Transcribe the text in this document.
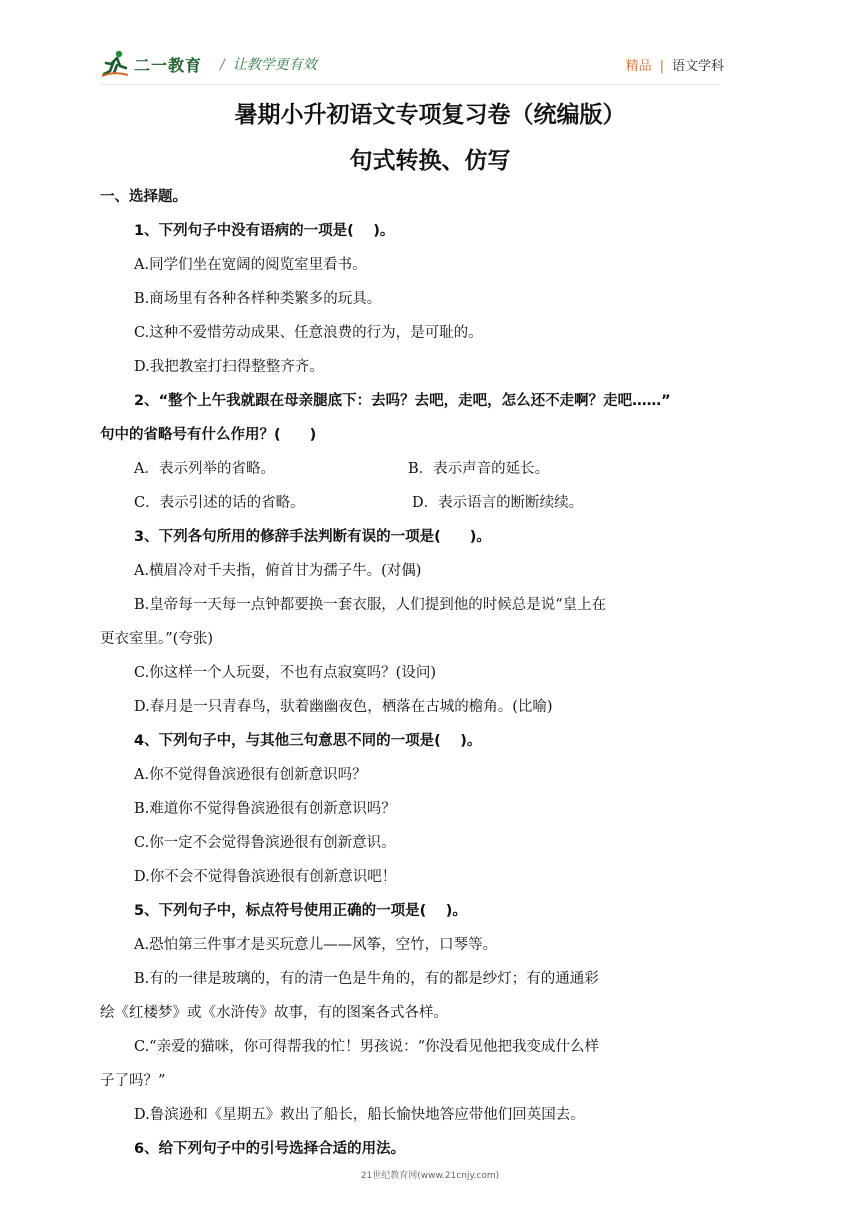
二一教育 / 让教学更有效	精品 | 语文学科
暑期小升初语文专项复习卷（统编版）
句式转换、仿写
一、选择题。
1、下列句子中没有语病的一项是(　 )。
A.同学们坐在宽阔的阅览室里看书。
B.商场里有各种各样种类繁多的玩具。
C.这种不爱惜劳动成果、任意浪费的行为，是可耻的。
D.我把教室打扫得整整齐齐。
2、“整个上午我就跟在母亲腿底下：去吗？去吧，走吧，怎么还不走啊？走吧……”
句中的省略号有什么作用？(　　)
A．表示列举的省略。	B．表示声音的延长。
C．表示引述的话的省略。	D．表示语言的断断续续。
3、下列各句所用的修辞手法判断有误的一项是(　　)。
A.横眉冷对千夫指，俯首甘为孺子牛。(对偶)
B.皇帝每一天每一点钟都要换一套衣服，人们提到他的时候总是说“皇上在
更衣室里。”(夸张)
C.你这样一个人玩耍，不也有点寂寞吗？(设问)
D.春月是一只青春鸟，驮着幽幽夜色，栖落在古城的檐角。(比喻)
4、下列句子中，与其他三句意思不同的一项是(　 )。
A.你不觉得鲁滨逊很有创新意识吗？
B.难道你不觉得鲁滨逊很有创新意识吗？
C.你一定不会觉得鲁滨逊很有创新意识。
D.你不会不觉得鲁滨逊很有创新意识吧！
5、下列句子中，标点符号使用正确的一项是(　 )。
A.恐怕第三件事才是买玩意儿——风筝，空竹，口琴等。
B.有的一律是玻璃的，有的清一色是牛角的，有的都是纱灯；有的通通彩
绘《红楼梦》或《水浒传》故事，有的图案各式各样。
C.“亲爱的猫咪，你可得帮我的忙！男孩说：“你没看见他把我变成什么样
子了吗？”
D.鲁滨逊和《星期五》救出了船长，船长愉快地答应带他们回英国去。
6、给下列句子中的引号选择合适的用法。
21世纪教育网(www.21cnjy.com)
